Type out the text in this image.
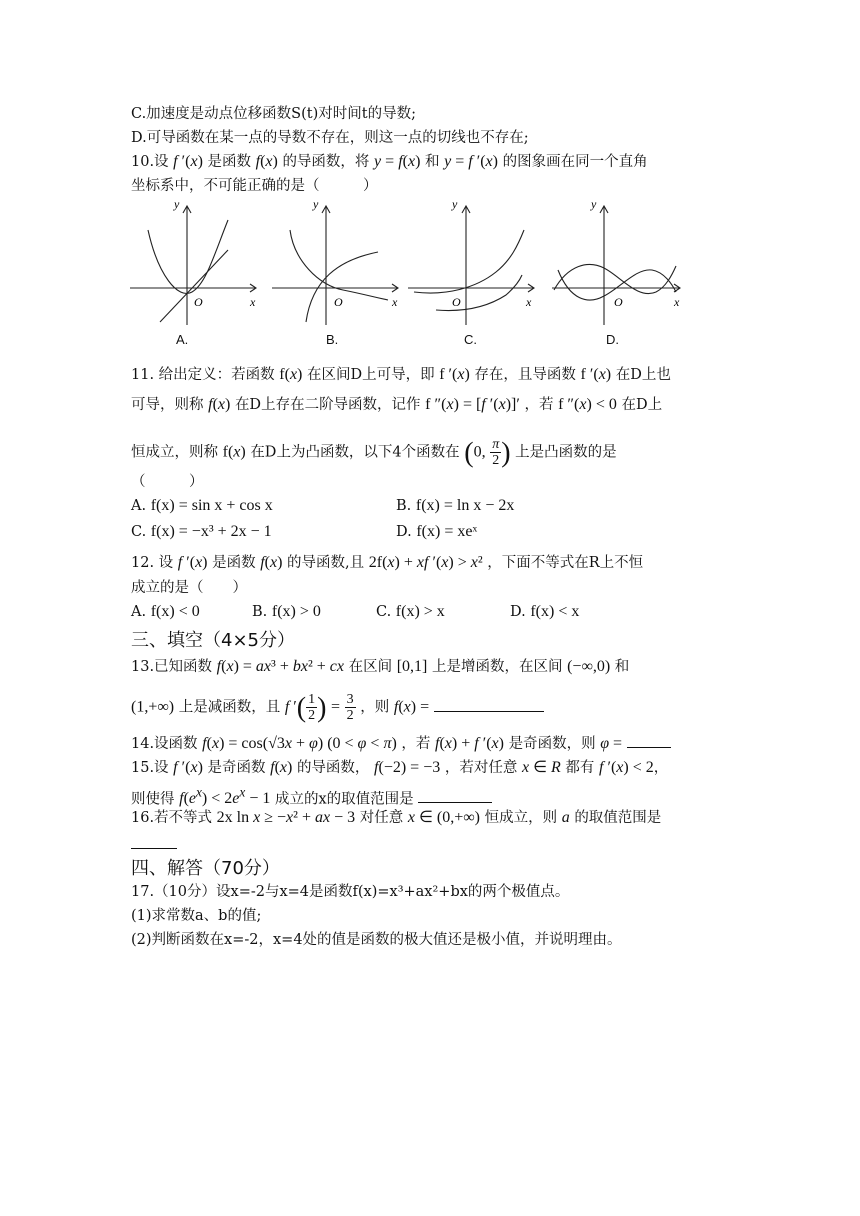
C.加速度是动点位移函数S(t)对时间t的导数;
D.可导函数在某一点的导数不存在，则这一点的切线也不存在;
10.设 f ′(x) 是函数 f(x) 的导函数，将 y = f(x) 和 y = f ′(x) 的图象画在同一个直角
坐标系中，不可能正确的是（　　　）
y
O	x
A.
y
O	x
B.
y
O	x
C.
y
O	x
D.
11. 给出定义：若函数 f(x) 在区间D上可导，即 f ′(x) 存在，且导函数 f ′(x) 在D上也
可导，则称 f(x) 在D上存在二阶导函数，记作 f ″(x) = [f ′(x)]′ ，若 f ″(x) < 0 在D上
恒成立，则称 f(x) 在D上为凸函数，以下4个函数在 (0, $\frac{\pi}{2}$ ) 上是凸函数的是
（　　　）
A. f(x) = sin x + cos x	B. f(x) = ln x − 2x
C. f(x) = −x³ + 2x − 1	D. f(x) = xeˣ
12. 设 f ′(x) 是函数 f(x) 的导函数,且 2f(x) + xf ′(x) > x² ，下面不等式在R上不恒
成立的是（　　）
A. f(x) < 0	B. f(x) > 0	C. f(x) > x	D. f(x) < x
三、填空（4×5分）
13.已知函数 f(x) = ax³ + bx² + cx 在区间 [0,1] 上是增函数，在区间 (−∞,0) 和
(1,+∞) 上是减函数，且 f ′( $\frac{1}{2}$ ) = $\frac{3}{2}$ ，则 f(x) =
14.设函数 f(x) = cos(√3x + φ) (0 < φ < π) ，若 f(x) + f ′(x) 是奇函数，则 φ =
15.设 f ′(x) 是奇函数 f(x) 的导函数， f(−2) = −3 ，若对任意 x ∈ R 都有 f ′(x) < 2，
则使得 $f(e^x) < 2e^x - 1$ 成立的x的取值范围是
16.若不等式 2x ln x ≥ −x² + ax − 3 对任意 x ∈ (0,+∞) 恒成立，则 a 的取值范围是
四、解答（70分）
17.（10分）设x=-2与x=4是函数f(x)=x³+ax²+bx的两个极值点。
(1)求常数a、b的值;
(2)判断函数在x=-2，x=4处的值是函数的极大值还是极小值，并说明理由。
